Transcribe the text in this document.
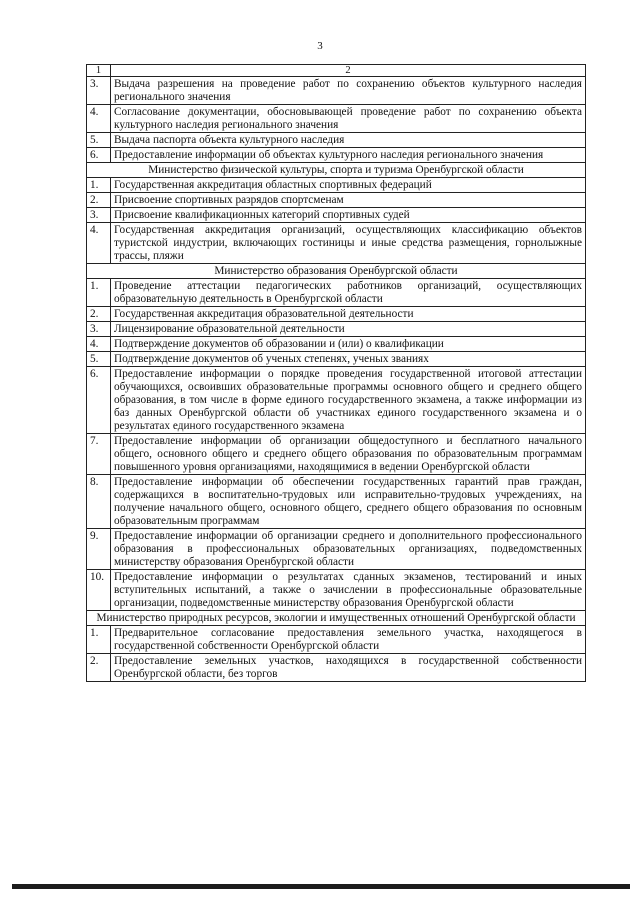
3
1	2
3.	Выдача разрешения на проведение работ по сохранению объектов культурного наследия регионального значения
4.	Согласование документации, обосновывающей проведение работ по сохранению объекта культурного наследия регионального значения
5.	Выдача паспорта объекта культурного наследия
6.	Предоставление информации об объектах культурного наследия регионального значения
Министерство физической культуры, спорта и туризма Оренбургской области	
1.	Государственная аккредитация областных спортивных федераций
2.	Присвоение спортивных разрядов спортсменам
3.	Присвоение квалификационных категорий спортивных судей
4.	Государственная аккредитация организаций, осуществляющих классификацию объектов туристской индустрии, включающих гостиницы и иные средства размещения, горнолыжные трассы, пляжи
Министерство образования Оренбургской области	
1.	Проведение аттестации педагогических работников организаций, осуществляющих образовательную деятельность в Оренбургской области
2.	Государственная аккредитация образовательной деятельности
3.	Лицензирование образовательной деятельности
4.	Подтверждение документов об образовании и (или) о квалификации
5.	Подтверждение документов об ученых степенях, ученых званиях
6.	Предоставление информации о порядке проведения государственной итоговой аттестации обучающихся, освоивших образовательные программы основного общего и среднего общего образования, в том числе в форме единого государственного экзамена, а также информации из баз данных Оренбургской области об участниках единого государственного экзамена и о результатах единого государственного экзамена
7.	Предоставление информации об организации общедоступного и бесплатного начального общего, основного общего и среднего общего образования по образовательным программам повышенного уровня организациями, находящимися в ведении Оренбургской области
8.	Предоставление информации об обеспечении государственных гарантий прав граждан, содержащихся в воспитательно-трудовых или исправительно-трудовых учреждениях, на получение начального общего, основного общего, среднего общего образования по основным образовательным программам
9.	Предоставление информации об организации среднего и дополнительного профессионального образования в профессиональных образовательных организациях, подведомственных министерству образования Оренбургской области
10.	Предоставление информации о результатах сданных экзаменов, тестирований и иных вступительных испытаний, а также о зачислении в профессиональные образовательные организации, подведомственные министерству образования Оренбургской области
Министерство природных ресурсов, экологии и имущественных отношений Оренбургской области	
1.	Предварительное согласование предоставления земельного участка, находящегося в государственной собственности Оренбургской области
2.	Предоставление земельных участков, находящихся в государственной собственности Оренбургской области, без торгов
